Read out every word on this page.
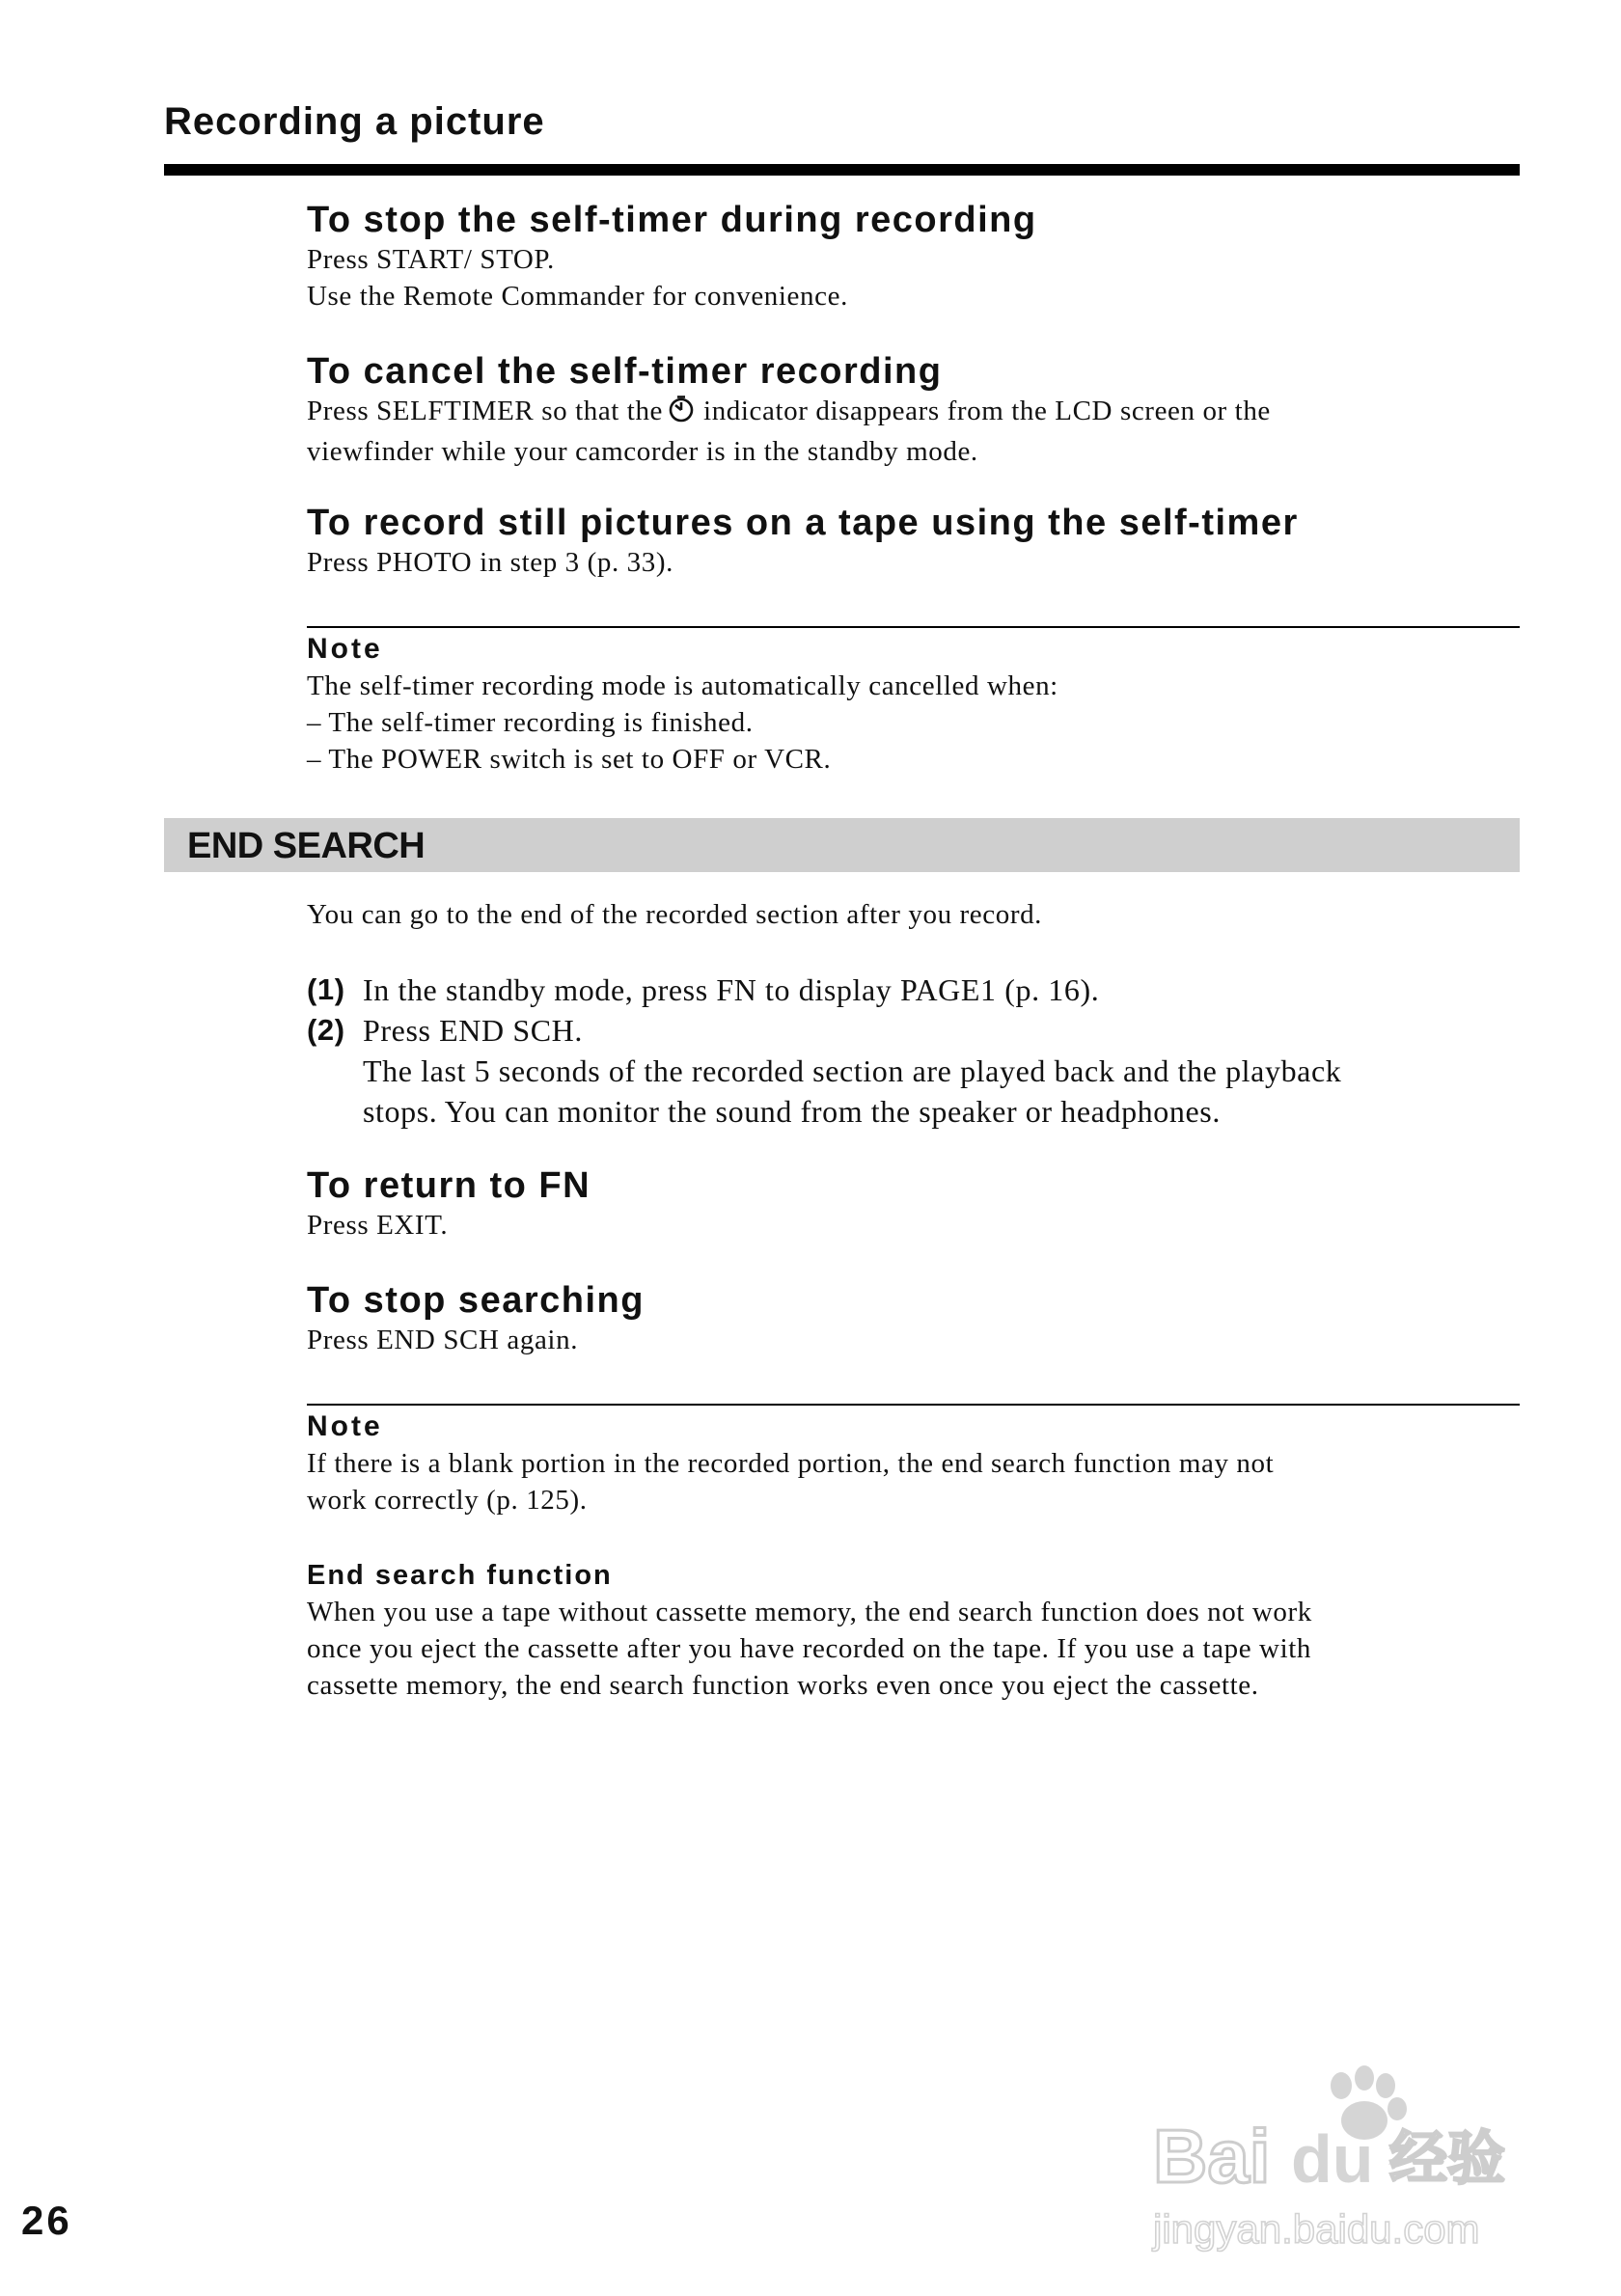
Recording a picture
To stop the self-timer during recording

Press START/ STOP.

Use the Remote Commander for convenience.

To cancel the self-timer recording

Press SELFTIMER so that the indicator disappears from the LCD screen or the

viewfinder while your camcorder is in the standby mode.

To record still pictures on a tape using the self-timer

Press PHOTO in step 3 (p. 33).

Note

The self-timer recording mode is automatically cancelled when:

– The self-timer recording is finished.

– The POWER switch is set to OFF or VCR.

END SEARCH

You can go to the end of the recorded section after you record.

(1) In the standby mode, press FN to display PAGE1 (p. 16).
(2) Press END SCH.
The last 5 seconds of the recorded section are played back and the playback
stops. You can monitor the sound from the speaker or headphones.
To return to FN

Press EXIT.

To stop searching

Press END SCH again.

Note

If there is a blank portion in the recorded portion, the end search function may not

work correctly (p. 125).

End search function

When you use a tape without cassette memory, the end search function does not work

once you eject the cassette after you have recorded on the tape. If you use a tape with

cassette memory, the end search function works even once you eject the cassette.

26
Bai du 经验
jingyan.baidu.com
